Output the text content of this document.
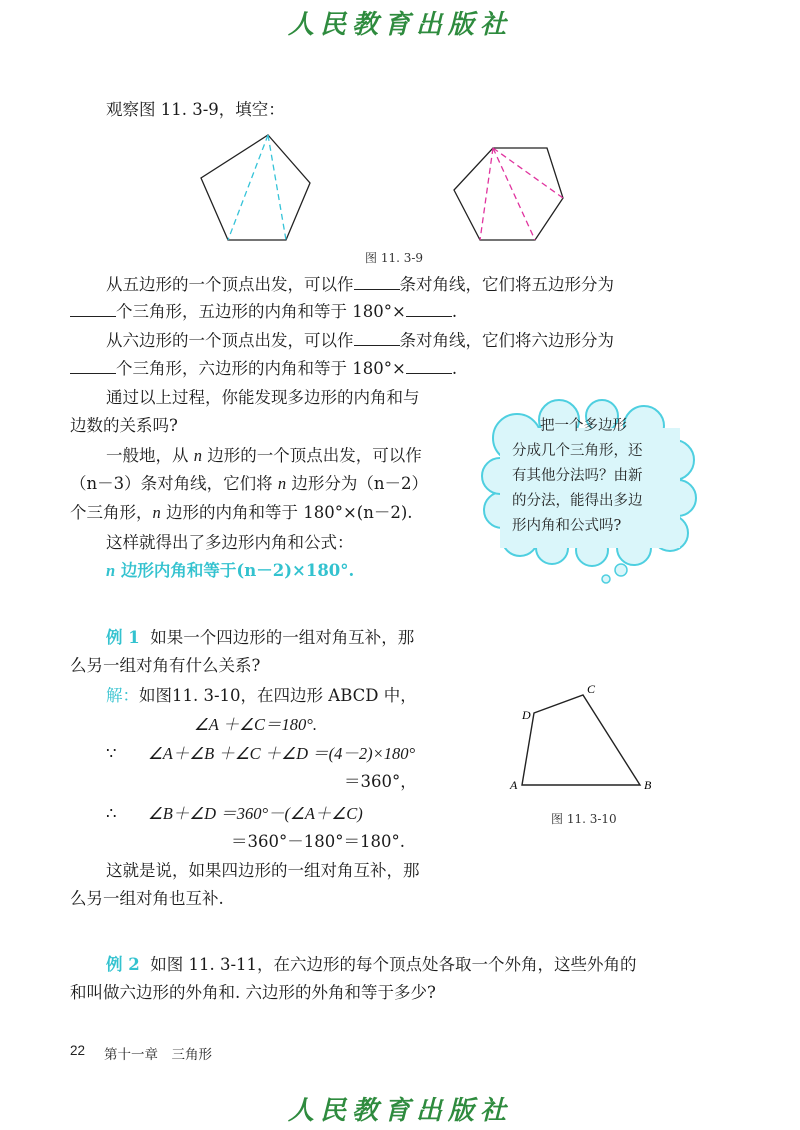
人民教育出版社
观察图 11. 3-9，填空：
图 11. 3-9
从五边形的一个顶点出发，可以作	条对角线，它们将五边形分为
个三角形，五边形的内角和等于 180°×	.
从六边形的一个顶点出发，可以作	条对角线，它们将六边形分为
个三角形，六边形的内角和等于 180°×	.
通过以上过程，你能发现多边形的内角和与
边数的关系吗?
一般地，从 n 边形的一个顶点出发，可以作
（n－3）条对角线，它们将 n 边形分为（n－2）
个三角形，n 边形的内角和等于 180°×(n－2).
这样就得出了多边形内角和公式：
n 边形内角和等于(n－2)×180°.
把一个多边形
分成几个三角形，还
有其他分法吗？由新
的分法，能得出多边
形内角和公式吗?
例 1 如果一个四边形的一组对角互补，那
么另一组对角有什么关系?
解：如图11. 3-10，在四边形 ABCD 中，
∠A ＋∠C＝180°.
∵ ∠A＋∠B ＋∠C ＋∠D ＝(4－2)×180°
＝360°，
∴ ∠B＋∠D ＝360°－(∠A＋∠C)
＝360°－180°＝180°.
这就是说，如果四边形的一组对角互补，那
么另一组对角也互补.
A	B
C
D
图 11. 3-10
例 2 如图 11. 3-11，在六边形的每个顶点处各取一个外角，这些外角的
和叫做六边形的外角和. 六边形的外角和等于多少?
22 第十一章　三角形
人民教育出版社
